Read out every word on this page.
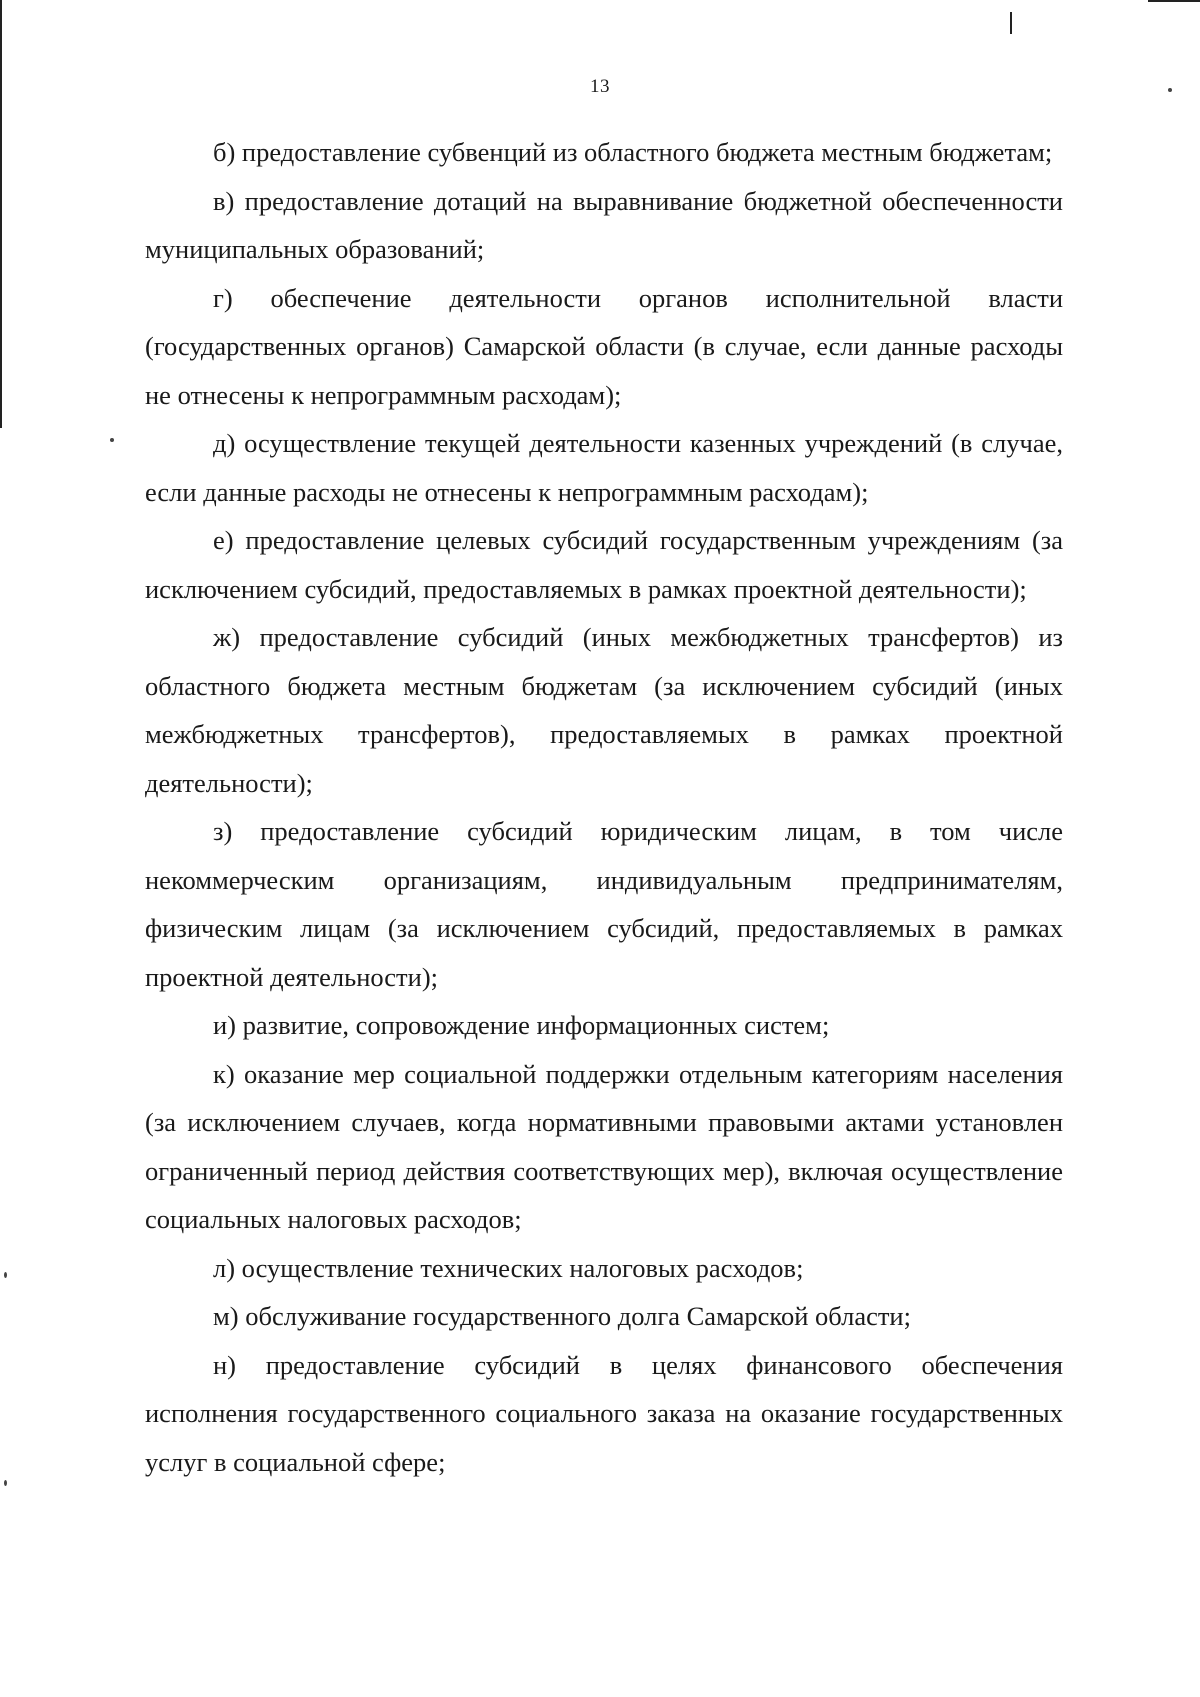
13

б) предоставление субвенций из областного бюджета местным бюджетам;

в) предоставление дотаций на выравнивание бюджетной обеспеченности муниципальных образований;

г) обеспечение деятельности органов исполнительной власти (государственных органов) Самарской области (в случае, если данные расходы не отнесены к непрограммным расходам);

д) осуществление текущей деятельности казенных учреждений (в случае, если данные расходы не отнесены к непрограммным расходам);

е) предоставление целевых субсидий государственным учреждениям (за исключением субсидий, предоставляемых в рамках проектной деятельности);

ж) предоставление субсидий (иных межбюджетных трансфертов) из областного бюджета местным бюджетам (за исключением субсидий (иных межбюджетных трансфертов), предоставляемых в рамках проектной деятельности);

з) предоставление субсидий юридическим лицам, в том числе некоммерческим организациям, индивидуальным предпринимателям, физическим лицам (за исключением субсидий, предоставляемых в рамках проектной деятельности);

и) развитие, сопровождение информационных систем;

к) оказание мер социальной поддержки отдельным категориям населения (за исключением случаев, когда нормативными правовыми актами установлен ограниченный период действия соответствующих мер), включая осуществление социальных налоговых расходов;

л) осуществление технических налоговых расходов;

м) обслуживание государственного долга Самарской области;

н) предоставление субсидий в целях финансового обеспечения исполнения государственного социального заказа на оказание государственных услуг в социальной сфере;
